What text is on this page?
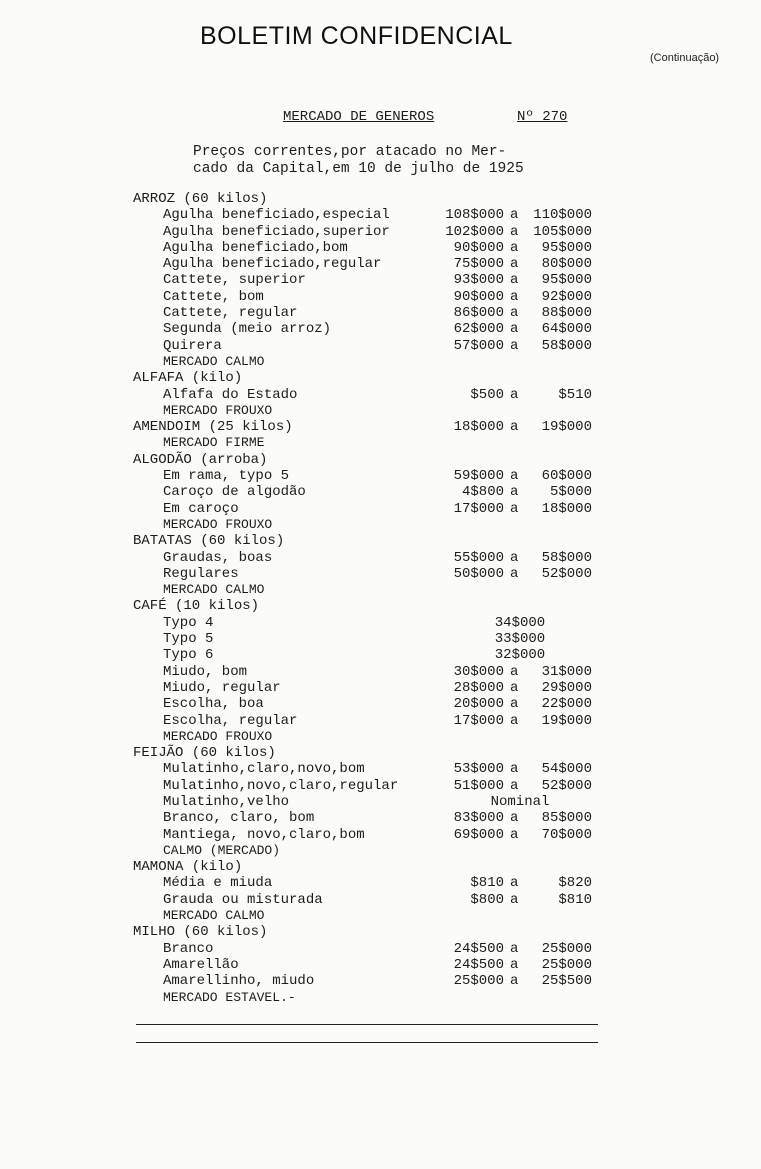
BOLETIM CONFIDENCIAL
(Continuação)
MERCADO DE GENEROS	Nº 270
Preços correntes,por atacado no Mer-
cado da Capital,em 10 de julho de 1925
ARROZ (60 kilos)
Agulha beneficiado,especial	108$000 a	110$000
Agulha beneficiado,superior	102$000 a	105$000
Agulha beneficiado,bom	90$000 a	95$000
Agulha beneficiado,regular	75$000 a	80$000
Cattete, superior	93$000 a	95$000
Cattete, bom	90$000 a	92$000
Cattete, regular	86$000 a	88$000
Segunda (meio arroz)	62$000 a	64$000
Quirera	57$000 a	58$000
MERCADO CALMO
ALFAFA (kilo)
Alfafa do Estado	$500 a	$510
MERCADO FROUXO
AMENDOIM (25 kilos)	18$000 a	19$000
MERCADO FIRME
ALGODÃO (arroba)
Em rama, typo 5	59$000 a	60$000
Caroço de algodão	4$800 a	5$000
Em caroço	17$000 a	18$000
MERCADO FROUXO
BATATAS (60 kilos)
Graudas, boas	55$000 a	58$000
Regulares	50$000 a	52$000
MERCADO CALMO
CAFÉ (10 kilos)
Typo 4	34$000
Typo 5	33$000
Typo 6	32$000
Miudo, bom	30$000 a	31$000
Miudo, regular	28$000 a	29$000
Escolha, boa	20$000 a	22$000
Escolha, regular	17$000 a	19$000
MERCADO FROUXO
FEIJÃO (60 kilos)
Mulatinho,claro,novo,bom	53$000 a	54$000
Mulatinho,novo,claro,regular	51$000 a	52$000
Mulatinho,velho	Nominal
Branco, claro, bom	83$000 a	85$000
Mantiega, novo,claro,bom	69$000 a	70$000
CALMO (MERCADO)
MAMONA (kilo)
Média e miuda	$810 a	$820
Grauda ou misturada	$800 a	$810
MERCADO CALMO
MILHO (60 kilos)
Branco	24$500 a	25$000
Amarellão	24$500 a	25$000
Amarellinho, miudo	25$000 a	25$500
MERCADO ESTAVEL.-
